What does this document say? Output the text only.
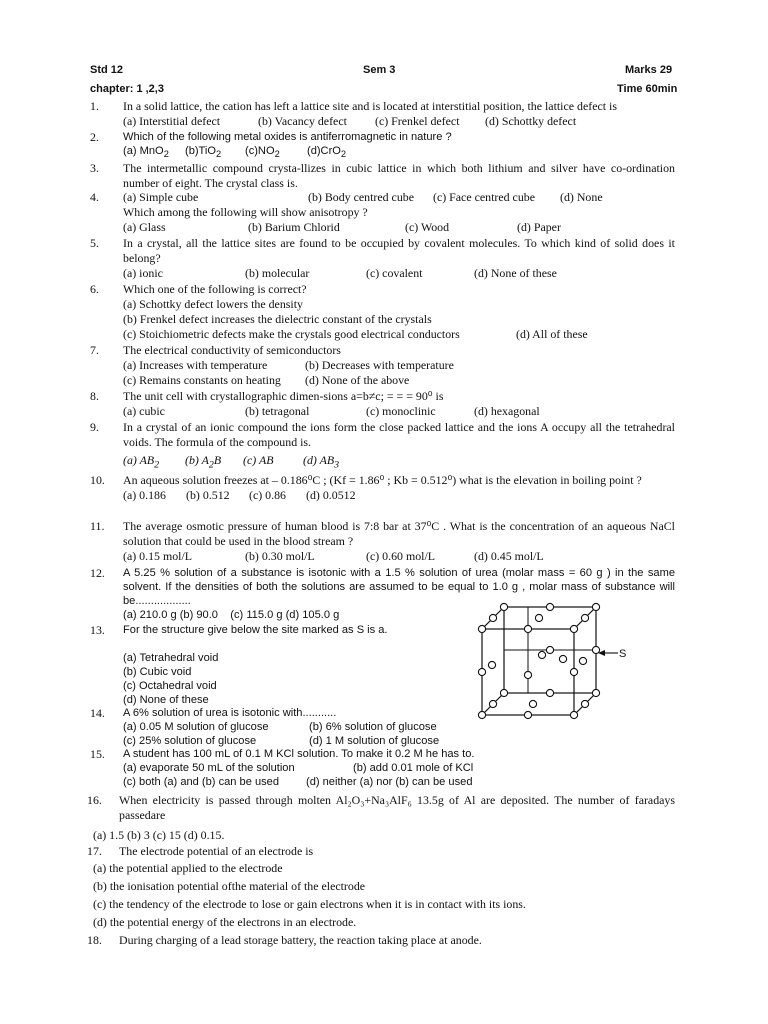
Std 12	Sem 3	Marks 29
chapter: 1 ,2,3	Time 60min
1. In a solid lattice, the cation has left a lattice site and is located at interstitial position, the lattice defect is
(a) Interstitial defect	(b) Vacancy defect	(c) Frenkel defect	(d) Schottky defect
2. Which of the following metal oxides is antiferromagnetic in nature ?
(a) MnO$_2$	(b)TiO$_2$	$(c)NO_2$	(d)CrO$_2$
3. The intermetallic compound crysta-llizes in cubic lattice in which both lithium and silver have co-ordination number of eight. The crystal class is.
4. (a) Simple cube	(b) Body centred cube	(c) Face centred cube	(d) None
Which among the following will show anisotropy ?
(a) Glass	(b) Barium Chlorid	(c) Wood	(d) Paper
5. In a crystal, all the lattice sites are found to be occupied by covalent molecules. To which kind of solid does it belong?
(a) ionic	(b) molecular	(c) covalent	(d) None of these
6. Which one of the following is correct?
(a) Schottky defect lowers the density
(b) Frenkel defect increases the dielectric constant of the crystals
(c) Stoichiometric defects make the crystals good electrical conductors	(d) All of these
7. The electrical conductivity of semiconductors
(a) Increases with temperature	(b) Decreases with temperature
(c) Remains constants on heating	(d) None of the above
8. The unit cell with crystallographic dimen-sions a=b≠c; = = = 90⁰ is
(a) cubic	(b) tetragonal	(c) monoclinic	(d) hexagonal
9. In a crystal of an ionic compound the ions form the close packed lattice and the ions A occupy all the tetrahedral voids. The formula of the compound is.
(a) $AB_2$	(b) $A_2B$	(c) AB	(d) $AB_3$
10. An aqueous solution freezes at – 0.186⁰C ; (Kf = 1.86⁰ ; Kb = 0.512⁰) what is the elevation in boiling point ?
(a) 0.186	(b) 0.512	(c) 0.86	(d) 0.0512
11. The average osmotic pressure of human blood is 7:8 bar at 37⁰C . What is the concentration of an aqueous NaCl solution that could be used in the blood stream ?
(a) 0.15 mol/L	(b) 0.30 mol/L	(c) 0.60 mol/L	(d) 0.45 mol/L
12. A 5.25 % solution of a substance is isotonic with a 1.5 % solution of urea (molar mass = 60 g ) in the same solvent. If the densities of both the solutions are assumed to be equal to 1.0 g , molar mass of substance will be..................
(a) 210.0 g (b) 90.0    (c) 115.0 g (d) 105.0 g
13. For the structure give below the site marked as S is a.
(a) Tetrahedral void
(b) Cubic void
(c) Octahedral void
(d) None of these
S
14. A 6% solution of urea is isotonic with...........
(a) 0.05 M solution of glucose	(b) 6% solution of glucose
(c) 25% solution of glucose	(d) 1 M solution of glucose
15. A student has 100 mL of 0.1 M KCl solution. To make it 0.2 M he has to.
(a) evaporate 50 mL of the solution	(b) add 0.01 mole of KCl
(c) both (a) and (b) can be used	(d) neither (a) nor (b) can be used
16. When electricity is passed through molten Al₂O₃+Na₃AlF₆ 13.5g of Al are deposited. The number of faradays passedare
(a) 1.5 (b) 3 (c) 15 (d) 0.15.
17. The electrode potential of an electrode is
(a) the potential applied to the electrode
(b) the ionisation potential ofthe material of the electrode
(c) the tendency of the electrode to lose or gain electrons when it is in contact with its ions.
(d) the potential energy of the electrons in an electrode.
18. During charging of a lead storage battery, the reaction taking place at anode.
